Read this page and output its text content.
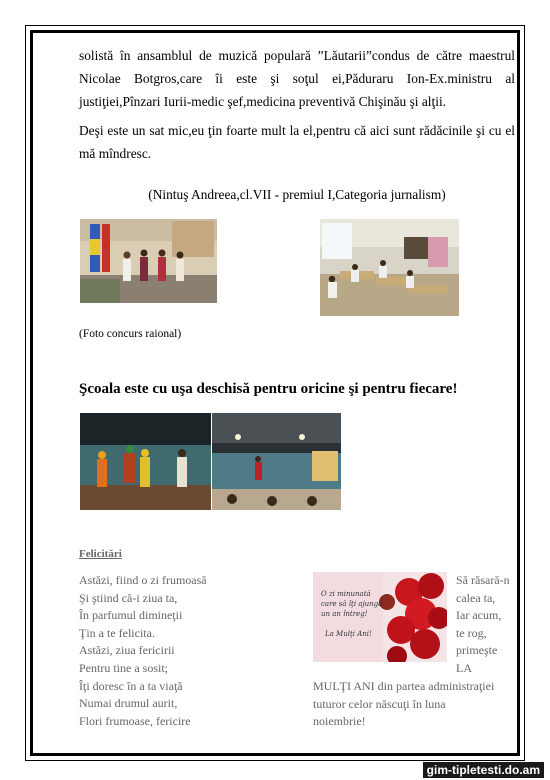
solistă în ansamblul de muzică populară ”Lăutarii”condus de către maestrul Nicolae Botgros,care îi este şi soţul ei,Păduraru Ion-Ex.ministru al justiţiei,Pînzari Iurii-medic şef,medicina preventivă Chişinău şi alţii.

Deşi este un sat mic,eu ţin foarte mult la el,pentru că aici sunt rădăcinile şi cu el mă mîndresc.

(Nintuş Andreea,cl.VII - premiul I,Categoria jurnalism)
(Foto concurs raional)
Şcoala este cu uşa deschisă pentru oricine şi pentru fiecare!
Felicitări
Astăzi, fiind o zi frumoasă
Şi ştiind că-i ziua ta,
În parfumul dimineţii
Ţin a te felicita.
Astăzi, ziua fericirii
Pentru tine a sosit;
Îţi doresc în a ta viaţă
Numai drumul aurit,
Flori frumoase, fericire
O zi minunată
care să îţi ajungă
un an întreg!
La Mulţi Ani!
Să răsară-n
calea ta,
Iar acum,
te rog,
primeşte
LA
MULŢI ANI din partea administraţiei
tuturor celor născuţi în luna
noiembrie!
gim-tipletesti.do.am
